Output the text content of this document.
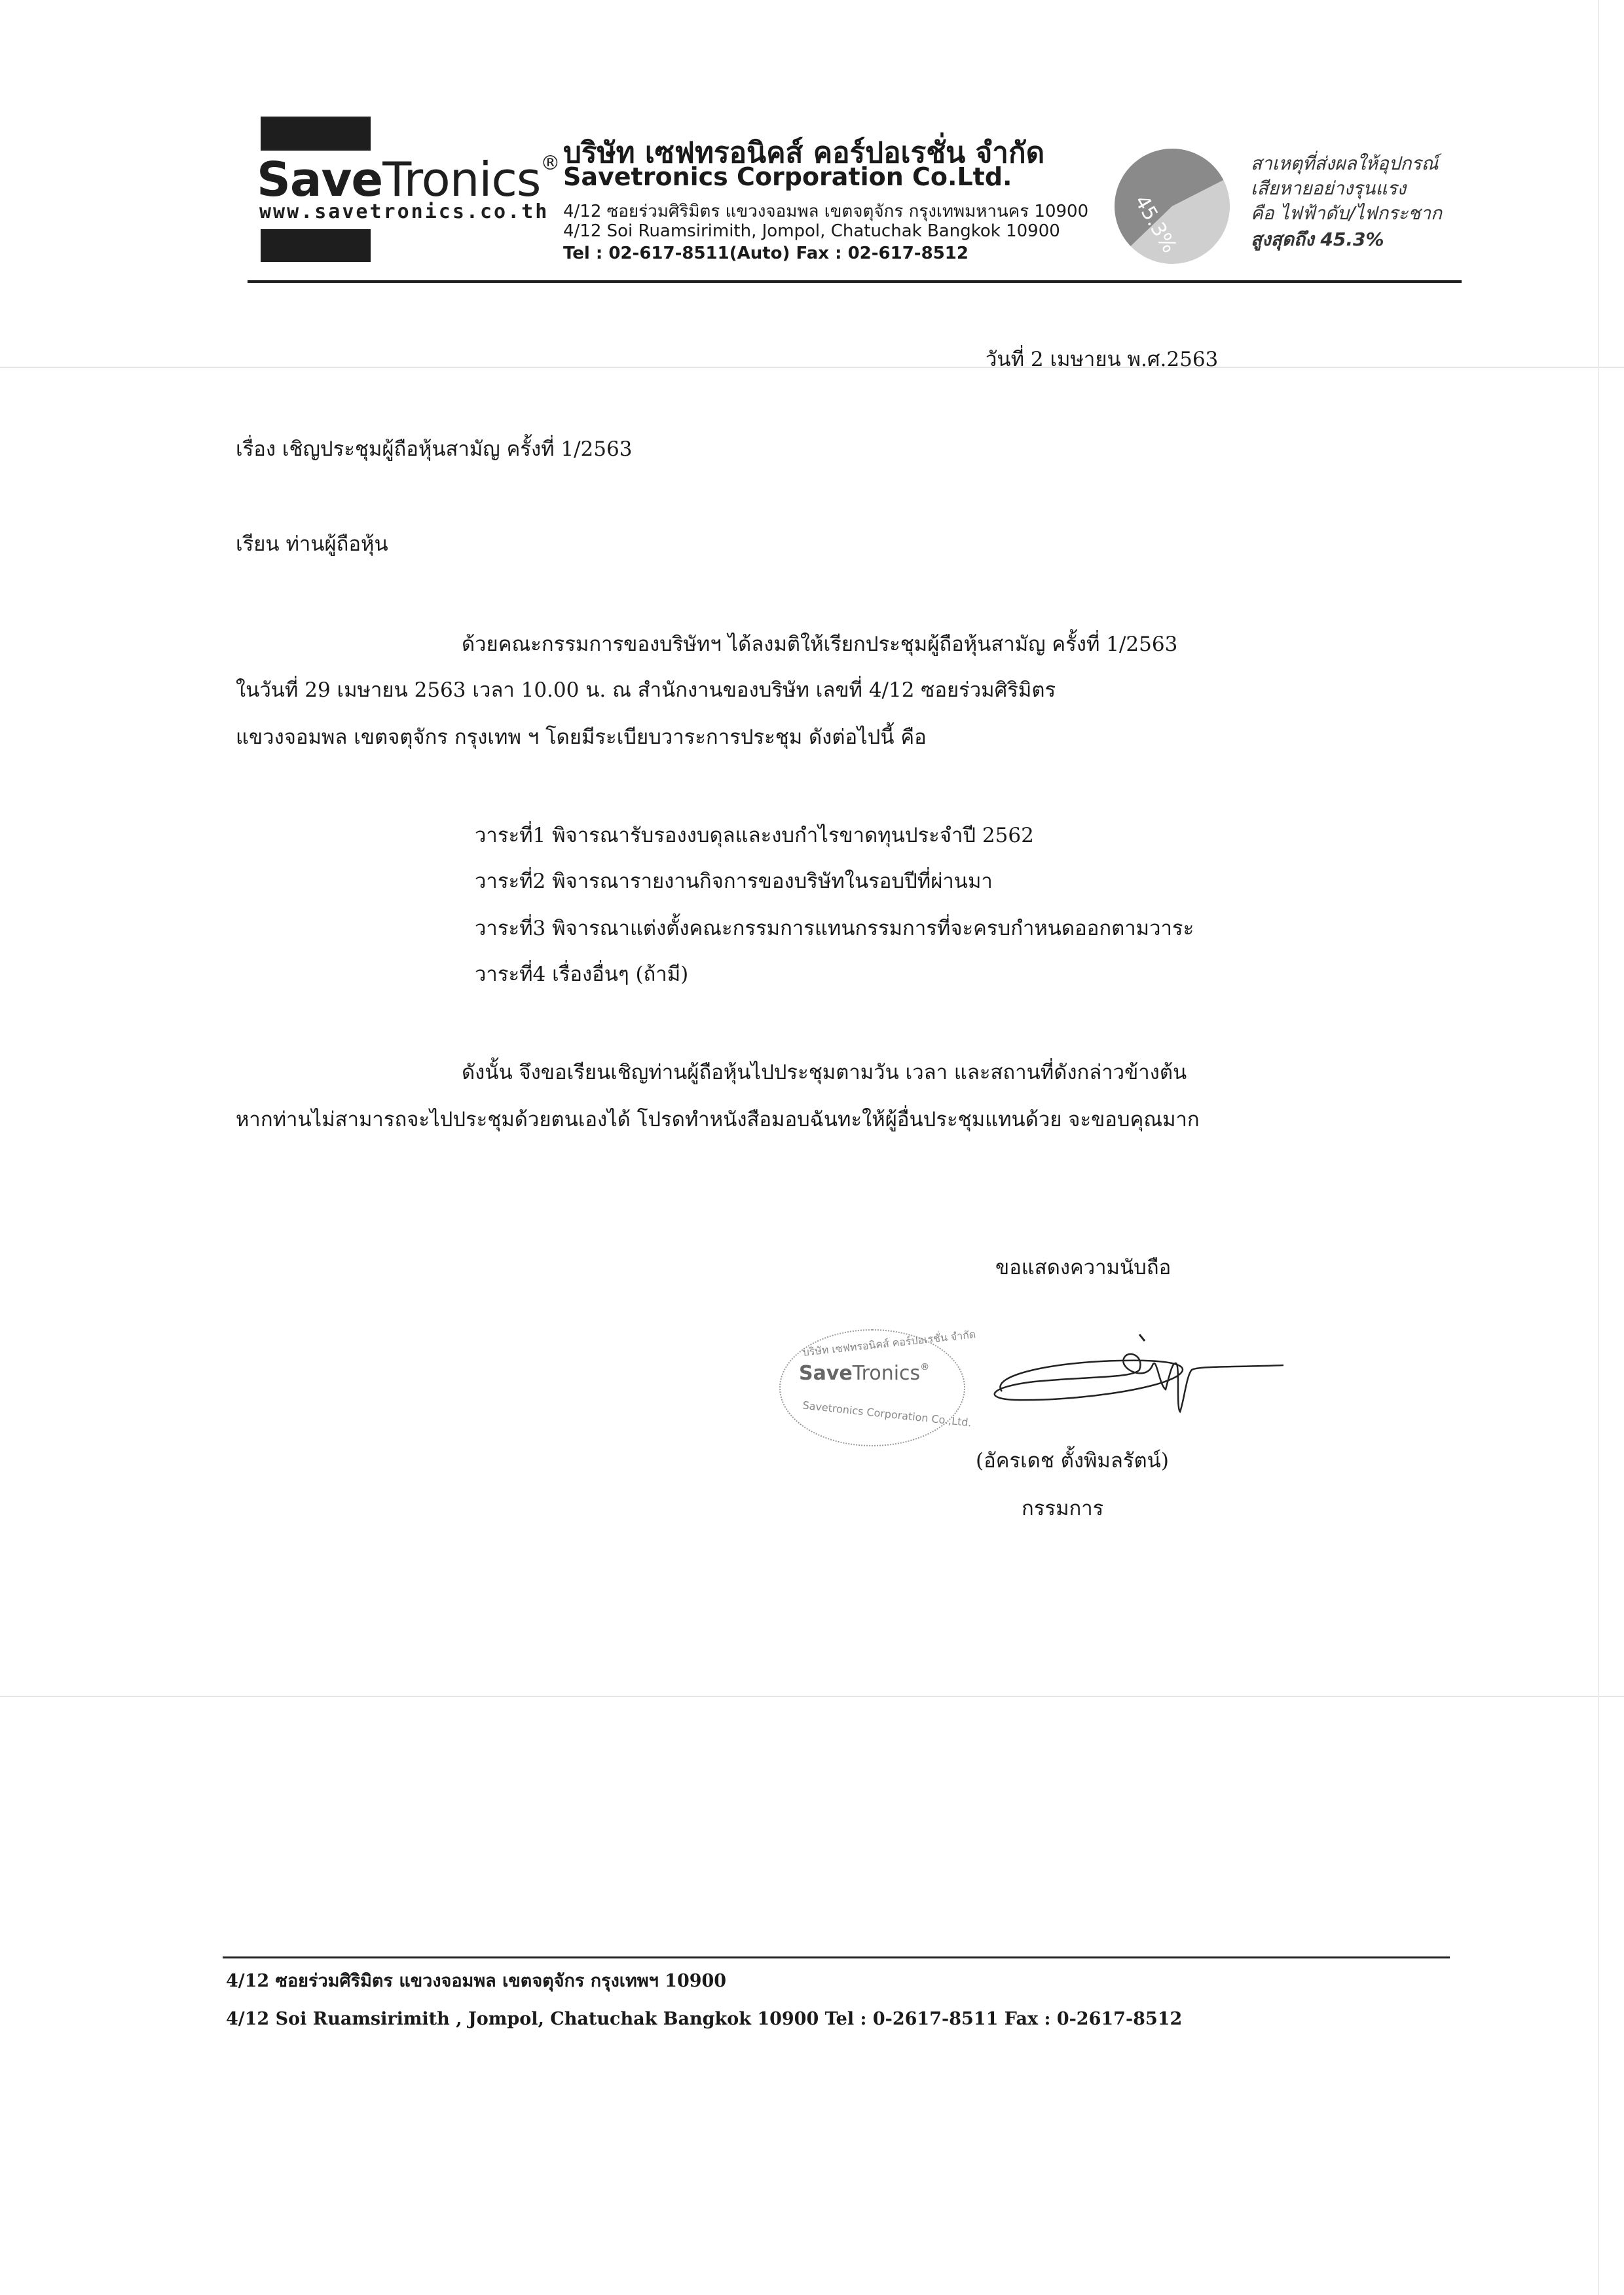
SaveTronics®
www.savetronics.co.th
บริษัท เซฟทรอนิคส์ คอร์ปอเรชั่น จำกัด
Savetronics Corporation Co.Ltd.
4/12 ซอยร่วมศิริมิตร แขวงจอมพล เขตจตุจักร กรุงเทพมหานคร 10900
4/12 Soi Ruamsirimith, Jompol, Chatuchak Bangkok 10900
Tel : 02-617-8511(Auto) Fax : 02-617-8512	45.3%
สาเหตุที่ส่งผลให้อุปกรณ์
เสียหายอย่างรุนแรง
คือ ไฟฟ้าดับ/ไฟกระชาก
สูงสุดถึง 45.3%
วันที่ 2 เมษายน พ.ศ.2563
เรื่อง เชิญประชุมผู้ถือหุ้นสามัญ ครั้งที่ 1/2563
เรียน ท่านผู้ถือหุ้น
ด้วยคณะกรรมการของบริษัทฯ ได้ลงมติให้เรียกประชุมผู้ถือหุ้นสามัญ ครั้งที่ 1/2563
ในวันที่ 29 เมษายน 2563 เวลา 10.00 น. ณ สำนักงานของบริษัท เลขที่ 4/12 ซอยร่วมศิริมิตร
แขวงจอมพล เขตจตุจักร กรุงเทพ ฯ โดยมีระเบียบวาระการประชุม ดังต่อไปนี้ คือ
วาระที่1 พิจารณารับรองงบดุลและงบกำไรขาดทุนประจำปี 2562
วาระที่2 พิจารณารายงานกิจการของบริษัทในรอบปีที่ผ่านมา
วาระที่3 พิจารณาแต่งตั้งคณะกรรมการแทนกรรมการที่จะครบกำหนดออกตามวาระ
วาระที่4 เรื่องอื่นๆ (ถ้ามี)
ดังนั้น จึงขอเรียนเชิญท่านผู้ถือหุ้นไปประชุมตามวัน เวลา และสถานที่ดังกล่าวข้างต้น
หากท่านไม่สามารถจะไปประชุมด้วยตนเองได้ โปรดทำหนังสือมอบฉันทะให้ผู้อื่นประชุมแทนด้วย จะขอบคุณมาก
ขอแสดงความนับถือ
บริษัท เซฟทรอนิคส์ คอร์ปอเรชั่น จำกัด
SaveTronics®
Savetronics Corporation Co.,Ltd.
(อัครเดช ตั้งพิมลรัตน์)
กรรมการ
4/12 ซอยร่วมศิริมิตร แขวงจอมพล เขตจตุจักร กรุงเทพฯ 10900
4/12 Soi Ruamsirimith , Jompol, Chatuchak Bangkok 10900 Tel : 0-2617-8511 Fax : 0-2617-8512
